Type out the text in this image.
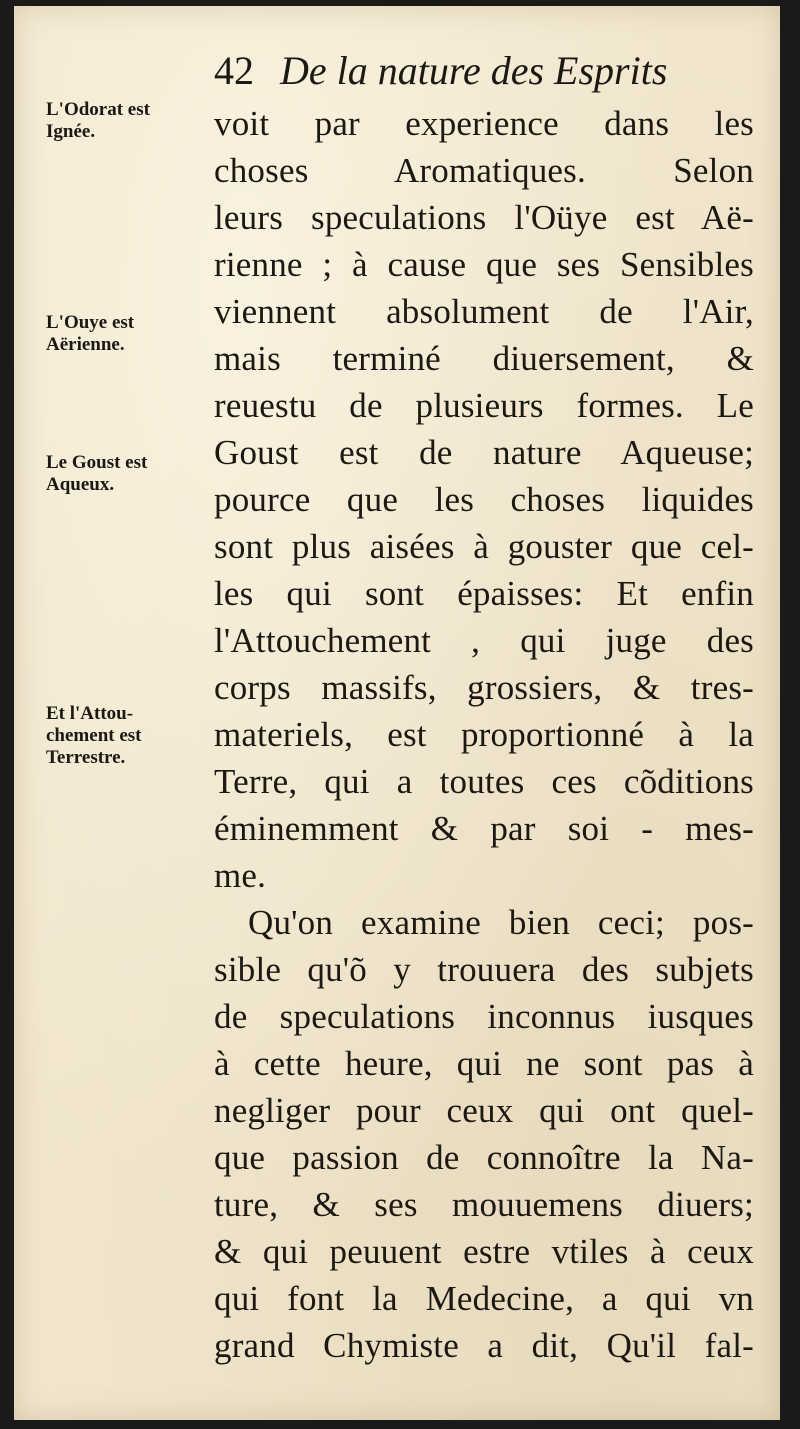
42 De la nature des Esprits
L'Odorat est
Ignée.
L'Ouye est
Aërienne.
Le Goust est
Aqueux.
Et l'Attou-
chement est
Terrestre.
voit par experience dans les
choses Aromatiques. Selon
leurs speculations l'Oüye est Aë-
rienne ; à cause que ses Sensibles
viennent absolument de l'Air,
mais terminé diuersement, &
reuestu de plusieurs formes. Le
Goust est de nature Aqueuse;
pource que les choses liquides
sont plus aisées à gouster que cel-
les qui sont épaisses: Et enfin
l'Attouchement , qui juge des
corps massifs, grossiers, & tres-
materiels, est proportionné à la
Terre, qui a toutes ces cõditions
éminemment & par soi - mes-
me.
Qu'on examine bien ceci; pos-
sible qu'õ y trouuera des subjets
de speculations inconnus iusques
à cette heure, qui ne sont pas à
negliger pour ceux qui ont quel-
que passion de connoître la Na-
ture, & ses mouuemens diuers;
& qui peuuent estre vtiles à ceux
qui font la Medecine, a qui vn
grand Chymiste a dit, Qu'il fal-
